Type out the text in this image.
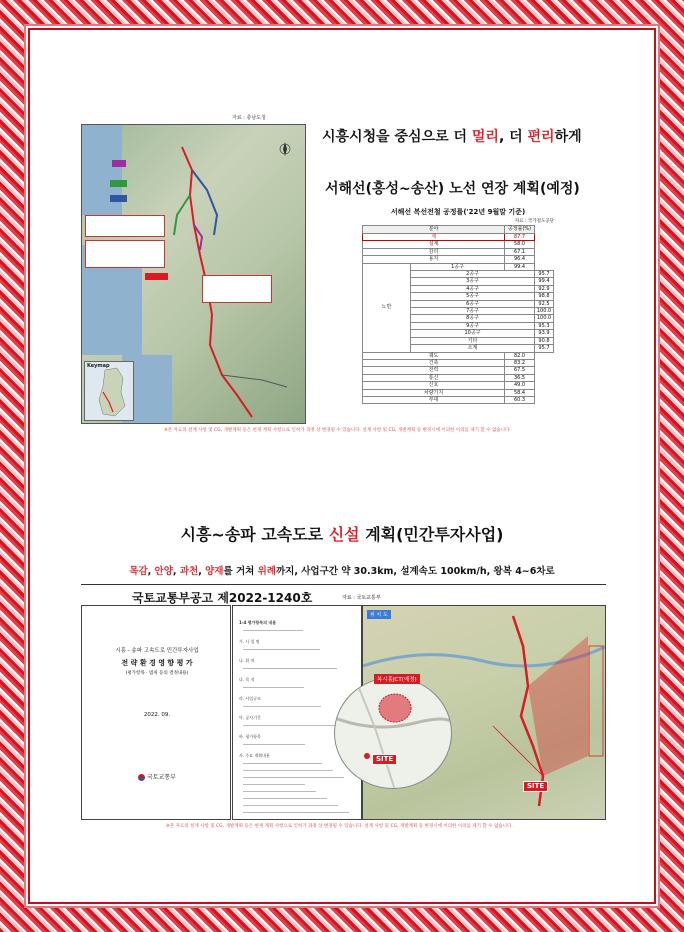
자료 : 충남도청

Keymap
시흥시청을 중심으로 더 멀리, 더 편리하게
서해선(홍성~송산) 노선 연장 계획(예정)
서해선 복선전철 공정률('22년 9월말 기준)
자료 : 국가철도공단
분야		공정률(%)	
계		87.7	
설계		58.0	
감리		67.1	
용지		96.4	
노반	1공구	99.4	
	2공구		95.7
	3공구		99.4
	4공구		92.9
	5공구		98.8
	6공구		92.5
	7공구		100.0
	8공구		100.0
	9공구		95.3
	10공구		93.9
	기타		90.8
	소계		95.7
궤도		82.0	
건축		83.2	
전력		67.5	
통신		36.5	
신호		49.0	
차량기지		58.4	
부대		60.3	
※본 자료의 설계 사항 및 CG, 개발계획 등은 현재 계획 사항으로 인허가 과정 상 변경될 수 있습니다. 설계 사항 및 CG, 개발계획 등 변경시에 이의한 이의를 제기 할 수 없습니다.
시흥~송파 고속도로 신설 계획(민간투자사업)
목감, 안양, 과천, 양재를 거쳐 위례까지, 사업구간 약 30.3km, 설계속도 100km/h, 왕복 4~6차로
국토교통부공고 제2022-1240호	자료 : 국토교통부
시흥 - 송파 고속도로 민간투자사업
전 략 환 경 영 향 평 가
(평가항목 · 범위 등의 결정내용)
2022. 09.
국토교통부
1-4 평가항목의 내용
가. 사 업 명
나. 위 치
다. 목 적
라. 사업규모
마. 공사기간
바. 평가항목
사. 주요 계획내용
위 치 도
SITE
복시흥JCT(예정)
SITE
※본 자료의 설계 사항 및 CG, 개발계획 등은 현재 계획 사항으로 인허가 과정 상 변경될 수 있습니다. 설계 사항 및 CG, 개발계획 등 변경시에 이의한 이의를 제기 할 수 없습니다.
